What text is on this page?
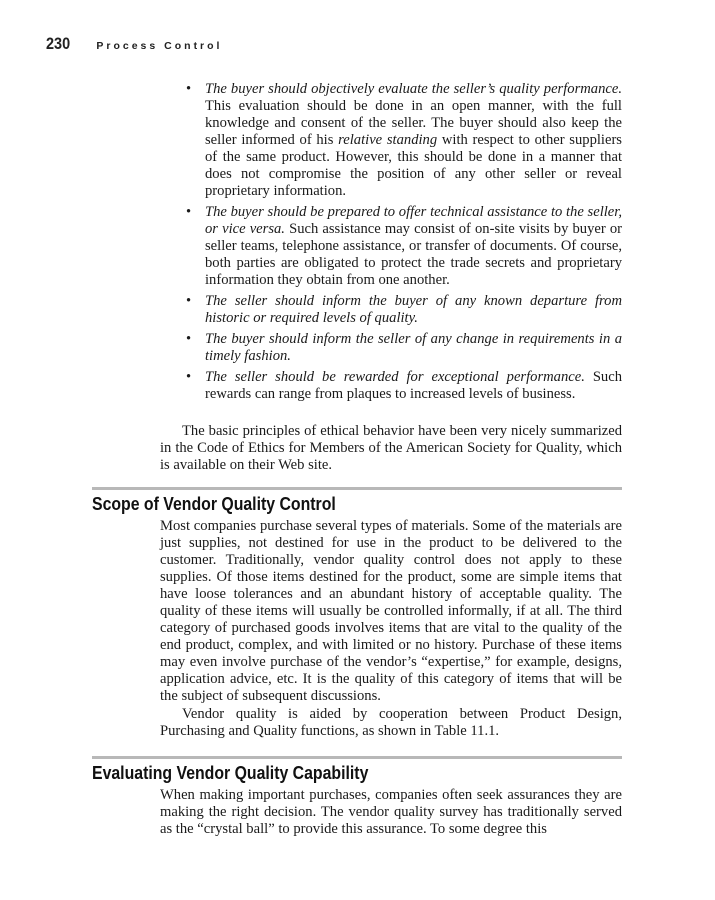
230	Process Control
• The buyer should objectively evaluate the seller’s quality performance. This evaluation should be done in an open manner, with the full knowledge and consent of the seller. The buyer should also keep the seller informed of his relative standing with respect to other suppliers of the same product. However, this should be done in a manner that does not compromise the position of any other seller or reveal proprietary information.
• The buyer should be prepared to offer technical assistance to the seller, or vice versa. Such assistance may consist of on-site visits by buyer or seller teams, telephone assistance, or transfer of documents. Of course, both parties are obligated to protect the trade secrets and proprietary information they obtain from one another.
• The seller should inform the buyer of any known departure from historic or required levels of quality.
• The buyer should inform the seller of any change in requirements in a timely fashion.
• The seller should be rewarded for exceptional performance. Such rewards can range from plaques to increased levels of business.

The basic principles of ethical behavior have been very nicely summarized in the Code of Ethics for Members of the American Society for Quality, which is available on their Web site.

Scope of Vendor Quality Control

Most companies purchase several types of materials. Some of the materials are just supplies, not destined for use in the product to be delivered to the customer. Traditionally, vendor quality control does not apply to these supplies. Of those items destined for the product, some are simple items that have loose tolerances and an abundant history of acceptable quality. The quality of these items will usually be controlled informally, if at all. The third category of purchased goods involves items that are vital to the quality of the end product, complex, and with limited or no history. Purchase of these items may even involve purchase of the vendor’s “expertise,” for example, designs, application advice, etc. It is the quality of this category of items that will be the subject of subsequent discussions.

Vendor quality is aided by cooperation between Product Design, Purchasing and Quality functions, as shown in Table 11.1.

Evaluating Vendor Quality Capability

When making important purchases, companies often seek assurances they are making the right decision. The vendor quality survey has traditionally served as the “crystal ball” to provide this assurance. To some degree this
